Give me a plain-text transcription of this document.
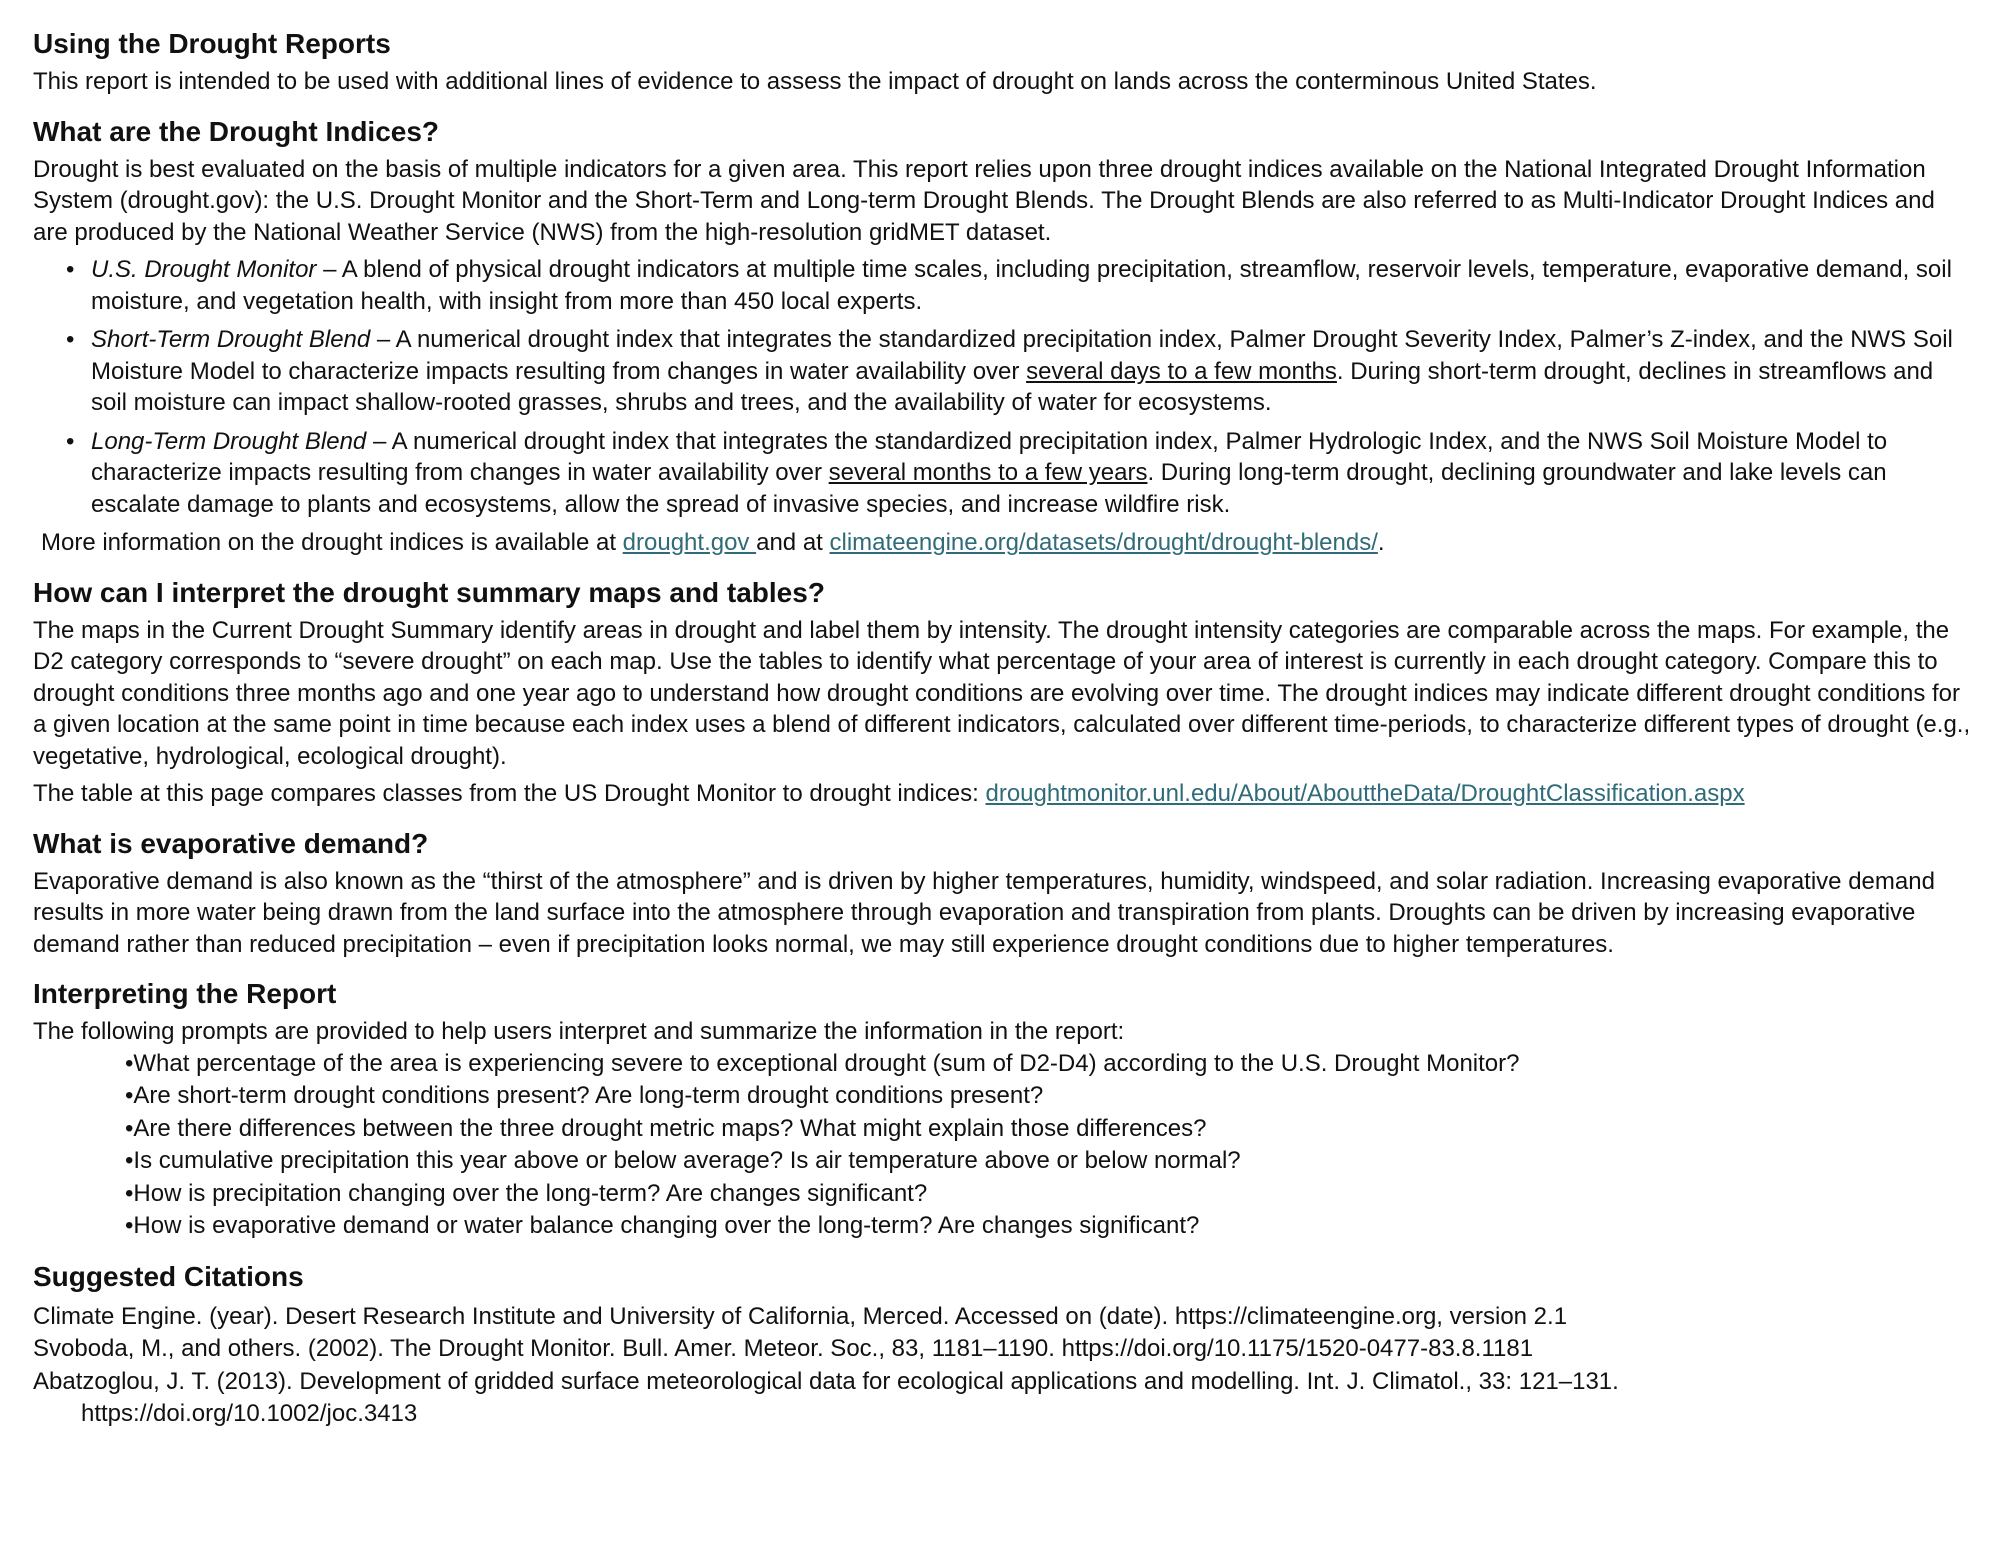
Using the Drought Reports

This report is intended to be used with additional lines of evidence to assess the impact of drought on lands across the conterminous United States.

What are the Drought Indices?

Drought is best evaluated on the basis of multiple indicators for a given area. This report relies upon three drought indices available on the National Integrated Drought Information System (drought.gov): the U.S. Drought Monitor and the Short-Term and Long-term Drought Blends. The Drought Blends are also referred to as Multi-Indicator Drought Indices and are produced by the National Weather Service (NWS) from the high-resolution gridMET dataset.

• U.S. Drought Monitor – A blend of physical drought indicators at multiple time scales, including precipitation, streamflow, reservoir levels, temperature, evaporative demand, soil moisture, and vegetation health, with insight from more than 450 local experts.
• Short-Term Drought Blend – A numerical drought index that integrates the standardized precipitation index, Palmer Drought Severity Index, Palmer’s Z-index, and the NWS Soil Moisture Model to characterize impacts resulting from changes in water availability over several days to a few months. During short-term drought, declines in streamflows and soil moisture can impact shallow-rooted grasses, shrubs and trees, and the availability of water for ecosystems.
• Long-Term Drought Blend – A numerical drought index that integrates the standardized precipitation index, Palmer Hydrologic Index, and the NWS Soil Moisture Model to characterize impacts resulting from changes in water availability over several months to a few years. During long-term drought, declining groundwater and lake levels can escalate damage to plants and ecosystems, allow the spread of invasive species, and increase wildfire risk.

More information on the drought indices is available at drought.gov and at climateengine.org/datasets/drought/drought-blends/.

How can I interpret the drought summary maps and tables?

The maps in the Current Drought Summary identify areas in drought and label them by intensity. The drought intensity categories are comparable across the maps. For example, the D2 category corresponds to “severe drought” on each map. Use the tables to identify what percentage of your area of interest is currently in each drought category. Compare this to drought conditions three months ago and one year ago to understand how drought conditions are evolving over time. The drought indices may indicate different drought conditions for a given location at the same point in time because each index uses a blend of different indicators, calculated over different time-periods, to characterize different types of drought (e.g., vegetative, hydrological, ecological drought).

The table at this page compares classes from the US Drought Monitor to drought indices: droughtmonitor.unl.edu/About/AbouttheData/DroughtClassification.aspx

What is evaporative demand?

Evaporative demand is also known as the “thirst of the atmosphere” and is driven by higher temperatures, humidity, windspeed, and solar radiation. Increasing evaporative demand results in more water being drawn from the land surface into the atmosphere through evaporation and transpiration from plants. Droughts can be driven by increasing evaporative demand rather than reduced precipitation – even if precipitation looks normal, we may still experience drought conditions due to higher temperatures.

Interpreting the Report

The following prompts are provided to help users interpret and summarize the information in the report:

•What percentage of the area is experiencing severe to exceptional drought (sum of D2-D4) according to the U.S. Drought Monitor?
•Are short-term drought conditions present? Are long-term drought conditions present?
•Are there differences between the three drought metric maps? What might explain those differences?
•Is cumulative precipitation this year above or below average? Is air temperature above or below normal?
•How is precipitation changing over the long-term? Are changes significant?
•How is evaporative demand or water balance changing over the long-term? Are changes significant?
Suggested Citations

Climate Engine. (year). Desert Research Institute and University of California, Merced. Accessed on (date). https://climateengine.org, version 2.1

Svoboda, M., and others. (2002). The Drought Monitor. Bull. Amer. Meteor. Soc., 83, 1181–1190. https://doi.org/10.1175/1520-0477-83.8.1181

Abatzoglou, J. T. (2013). Development of gridded surface meteorological data for ecological applications and modelling. Int. J. Climatol., 33: 121–131.

https://doi.org/10.1002/joc.3413
